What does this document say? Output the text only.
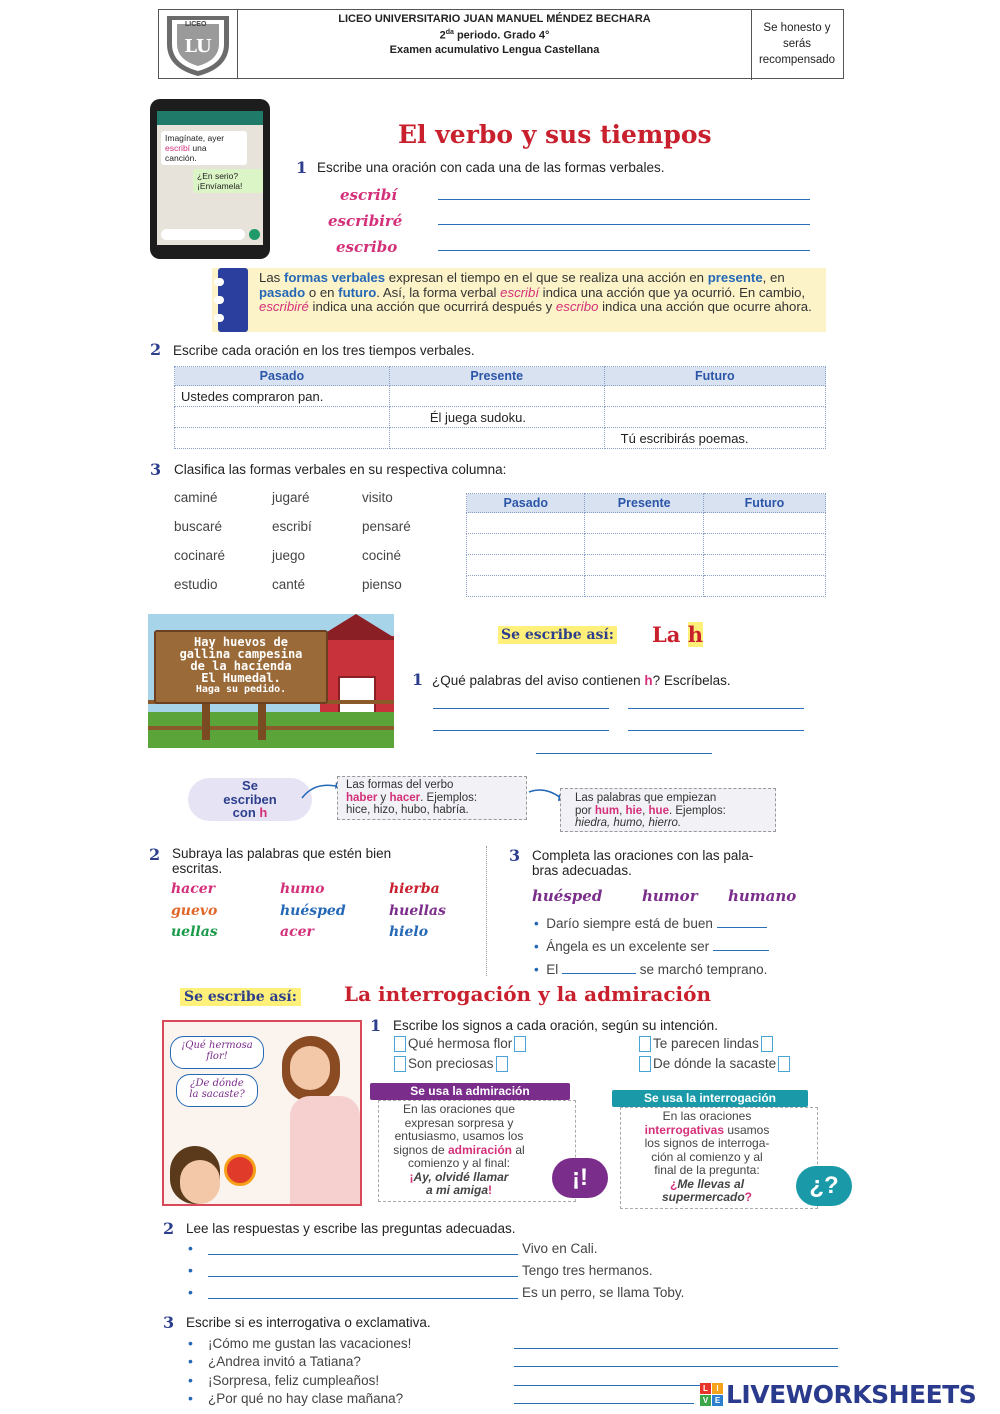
LU
LICEO	LICEO UNIVERSITARIO JUAN MANUEL MÉNDEZ BECHARA
$2^{da}$ periodo. Grado 4°
Examen acumulativo Lengua Castellana
Se honesto y serás recompensado
Imagínate, ayer
escribí una
canción.
¿En serio?
¡Envíamela!
El verbo y sus tiempos
1 Escribe una oración con cada una de las formas verbales.
escribí
escribiré
escribo
Las formas verbales expresan el tiempo en el que se realiza una acción en presente, en pasado o en futuro. Así, la forma verbal escribí indica una acción que ya ocurrió. En cambio, escribiré indica una acción que ocurrirá después y escribo indica una acción que ocurre ahora.
2 Escribe cada oración en los tres tiempos verbales.
Pasado	Presente	Futuro
Ustedes compraron pan.		
	Él juega sudoku.	
		Tú escribirás poemas.
3 Clasifica las formas verbales en su respectiva columna:
caminé	jugaré	visito
buscaré	escribí	pensaré
cocinaré	juego	cociné
estudio	canté	pienso
Pasado	Presente	Futuro

Hay huevos de
gallina campesina
de la hacienda
El Humedal.
Haga su pedido.
Se escribe así: La h
1 ¿Qué palabras del aviso contienen h? Escríbelas.
Se
escriben
con h
Las formas del verbo
haber y hacer. Ejemplos:
hice, hizo, hubo, habría.
Las palabras que empiezan
por hum, hie, hue. Ejemplos:
hiedra, humo, hierro.
2 Subraya las palabras que estén bien
escritas.
hacer	humo	hierba
guevo	huésped	huellas
uellas	acer	hielo
3 Completa las oraciones con las pala-
bras adecuadas.
huésped	humor humano
• Darío siempre está de buen
• Ángela es un excelente ser
• El	se marchó temprano.
Se escribe así: La interrogación y la admiración
¡Qué hermosa
flor!
¿De dónde
la sacaste?
1 Escribe los signos a cada oración, según su intención.
Qué hermosa flor	Te parecen lindas
Son preciosas	De dónde la sacaste
Se usa la admiración
En las oraciones que
expresan sorpresa y
entusiasmo, usamos los
signos de admiración al
comienzo y al final:
¡Ay, olvidé llamar
a mi amiga!	¡!
Se usa la interrogación
En las oraciones
interrogativas usamos
los signos de interroga-
ción al comienzo y al
final de la pregunta:
¿Me llevas al
supermercado?	¿?
2 Lee las respuestas y escribe las preguntas adecuadas.
•	Vivo en Cali.
•	Tengo tres hermanos.
•	Es un perro, se llama Toby.
3 Escribe si es interrogativa o exclamativa.
• ¡Cómo me gustan las vacaciones!
• ¿Andrea invitó a Tatiana?
• ¡Sorpresa, feliz cumpleaños!
• ¿Por qué no hay clase mañana?
L	I
V E LIVEWORKSHEETS
